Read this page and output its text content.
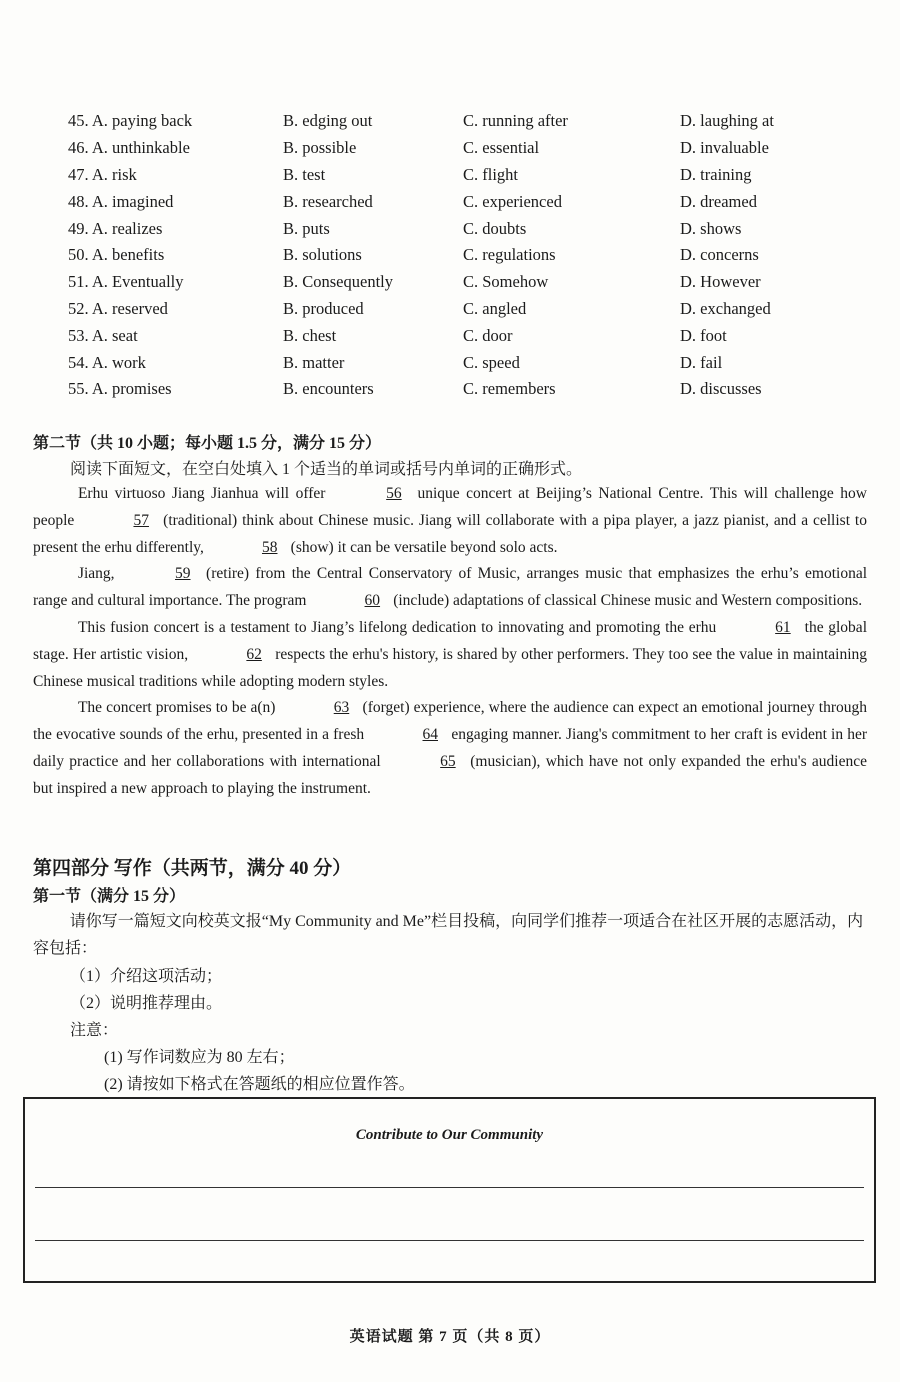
45. A. paying back	B. edging out	C. running after	D. laughing at
46. A. unthinkable	B. possible	C. essential	D. invaluable
47. A. risk	B. test	C. flight	D. training
48. A. imagined	B. researched	C. experienced	D. dreamed
49. A. realizes	B. puts	C. doubts	D. shows
50. A. benefits	B. solutions	C. regulations	D. concerns
51. A. Eventually	B. Consequently	C. Somehow	D. However
52. A. reserved	B. produced	C. angled	D. exchanged
53. A. seat	B. chest	C. door	D. foot
54. A. work	B. matter	C. speed	D. fail
55. A. promises	B. encounters	C. remembers	D. discusses
第二节（共 10 小题；每小题 1.5 分，满分 15 分）
阅读下面短文，在空白处填入 1 个适当的单词或括号内单词的正确形式。

Erhu virtuoso Jiang Jianhua will offer	56 unique concert at Beijing’s National Centre. This will challenge how people	57 (traditional) think about Chinese music. Jiang will collaborate with a pipa player, a jazz pianist, and a cellist to present the erhu differently,	58 (show) it can be versatile beyond solo acts.

Jiang,	59 (retire) from the Central Conservatory of Music, arranges music that emphasizes the erhu’s emotional range and cultural importance. The program	60 (include) adaptations of classical Chinese music and Western compositions.

This fusion concert is a testament to Jiang’s lifelong dedication to innovating and promoting the erhu	61 the global stage. Her artistic vision,	62 respects the erhu's history, is shared by other performers. They too see the value in maintaining Chinese musical traditions while adopting modern styles.

The concert promises to be a(n)	63 (forget) experience, where the audience can expect an emotional journey through the evocative sounds of the erhu, presented in a fresh	64 engaging manner. Jiang's commitment to her craft is evident in her daily practice and her collaborations with international	65 (musician), which have not only expanded the erhu's audience but inspired a new approach to playing the instrument.

第四部分 写作（共两节，满分 40 分）
第一节（满分 15 分）
请你写一篇短文向校英文报“My Community and Me”栏目投稿，向同学们推荐一项适合在社区开展的志愿活动，内容包括：
（1）介绍这项活动；
（2）说明推荐理由。
注意：
(1) 写作词数应为 80 左右；
(2) 请按如下格式在答题纸的相应位置作答。
Contribute to Our Community
英语试题 第 7 页（共 8 页）
